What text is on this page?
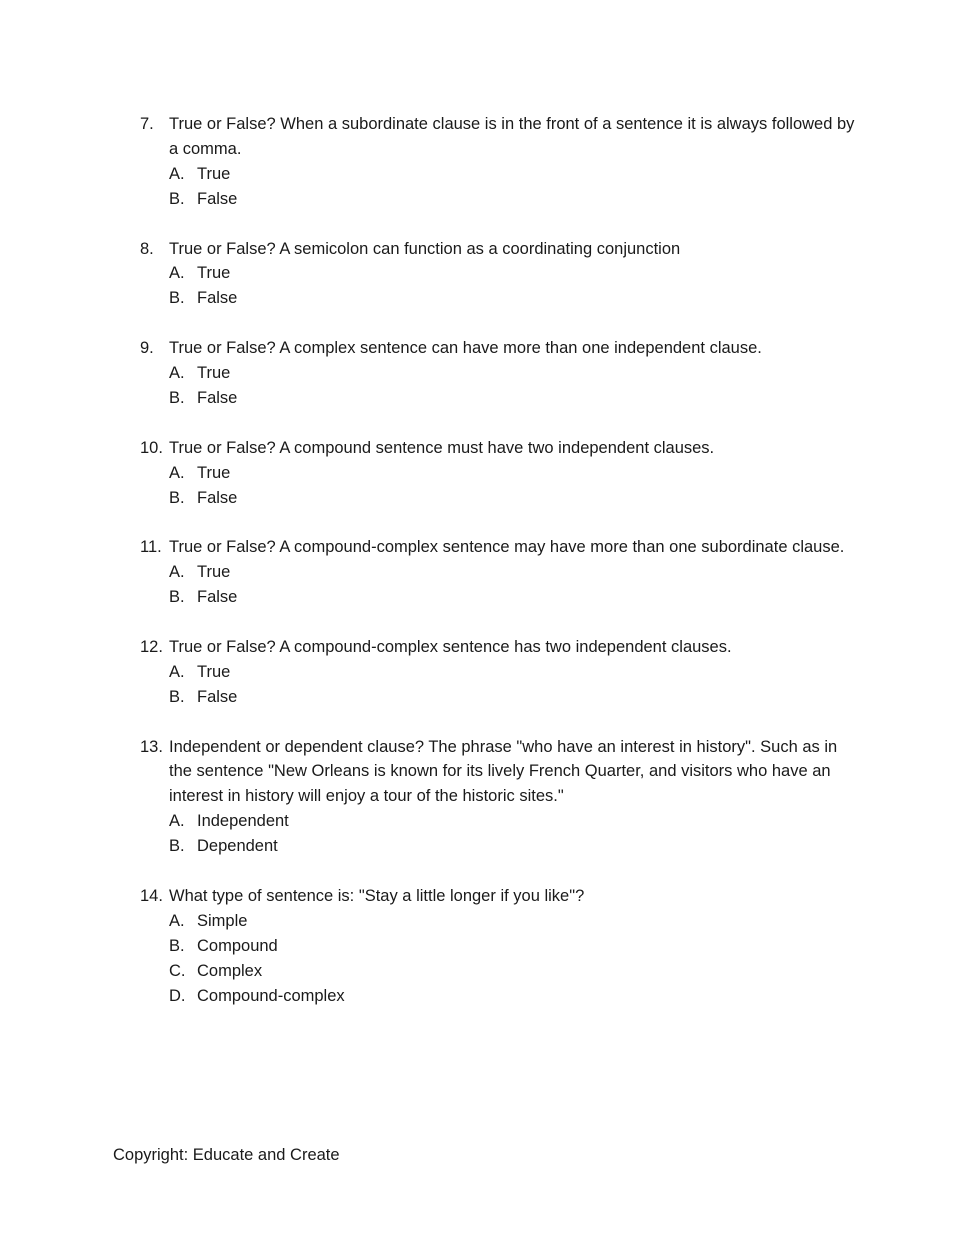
7. True or False? When a subordinate clause is in the front of a sentence it is always followed by a comma.
A. True
B. False
8. True or False? A semicolon can function as a coordinating conjunction
A. True
B. False
9. True or False? A complex sentence can have more than one independent clause.
A. True
B. False
10. True or False? A compound sentence must have two independent clauses.
A. True
B. False
11. True or False? A compound-complex sentence may have more than one subordinate clause.
A. True
B. False
12. True or False? A compound-complex sentence has two independent clauses.
A. True
B. False
13. Independent or dependent clause? The phrase "who have an interest in history". Such as in the sentence "New Orleans is known for its lively French Quarter, and visitors who have an interest in history will enjoy a tour of the historic sites."
A. Independent
B. Dependent
14. What type of sentence is: "Stay a little longer if you like"?
A. Simple
B. Compound
C. Complex
D. Compound-complex
Copyright: Educate and Create
